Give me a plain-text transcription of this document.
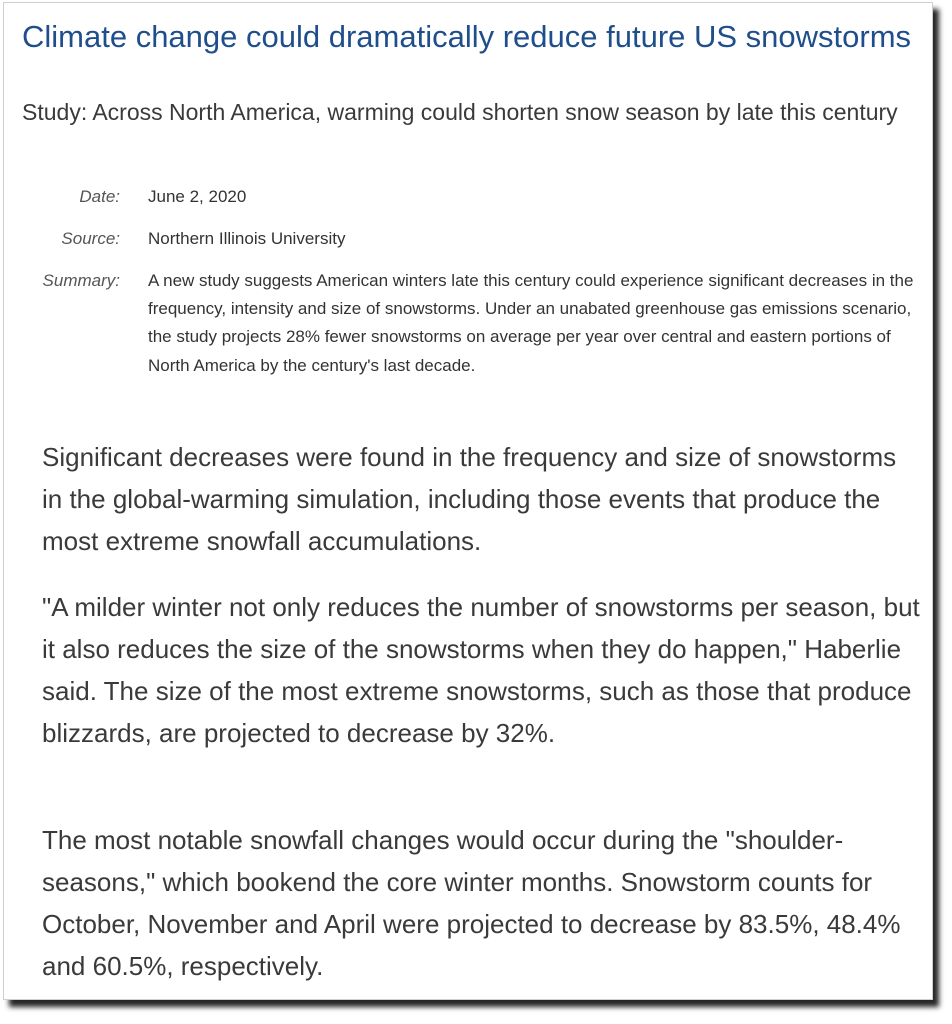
Climate change could dramatically reduce future US snowstorms
Study: Across North America, warming could shorten snow season by late this century
Date: June 2, 2020
Source: Northern Illinois University
Summary: A new study suggests American winters late this century could experience significant decreases in the frequency, intensity and size of snowstorms. Under an unabated greenhouse gas emissions scenario, the study projects 28% fewer snowstorms on average per year over central and eastern portions of North America by the century's last decade.

Significant decreases were found in the frequency and size of snowstorms in the global-warming simulation, including those events that produce the most extreme snowfall accumulations.

"A milder winter not only reduces the number of snowstorms per season, but it also reduces the size of the snowstorms when they do happen," Haberlie said. The size of the most extreme snowstorms, such as those that produce blizzards, are projected to decrease by 32%.

The most notable snowfall changes would occur during the "shoulder-seasons," which bookend the core winter months. Snowstorm counts for October, November and April were projected to decrease by 83.5%, 48.4% and 60.5%, respectively.
